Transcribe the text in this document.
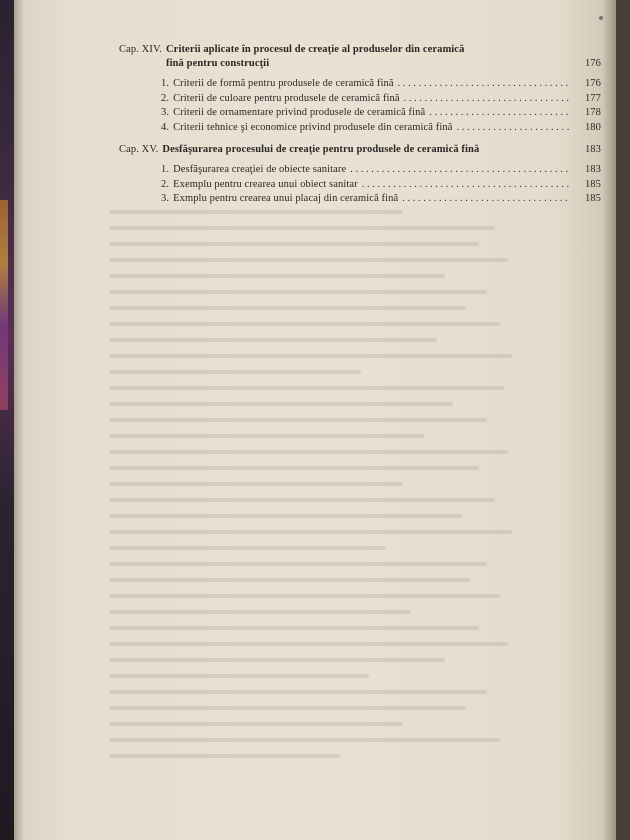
Cap. XIV. Criterii aplicate în procesul de creaţie al produselor din ceramică
fină pentru construcţii	176
1. Criterii de formă pentru produsele de ceramică fină . . .	176
2. Criterii de culoare pentru produsele de ceramică fină . . .	177
3. Criterii de ornamentare privind produsele de ceramică fină . . .	178
4. Criterii tehnice şi economice privind produsele din ceramică fină . . .	180
Cap. XV. Desfăşurarea procesului de creaţie pentru produsele de ceramică fină	183
1. Desfăşurarea creaţiei de obiecte sanitare . . .	183
2. Exemplu pentru crearea unui obiect sanitar . . .	185
3. Exmplu pentru crearea unui placaj din ceramică fină . . .	185
